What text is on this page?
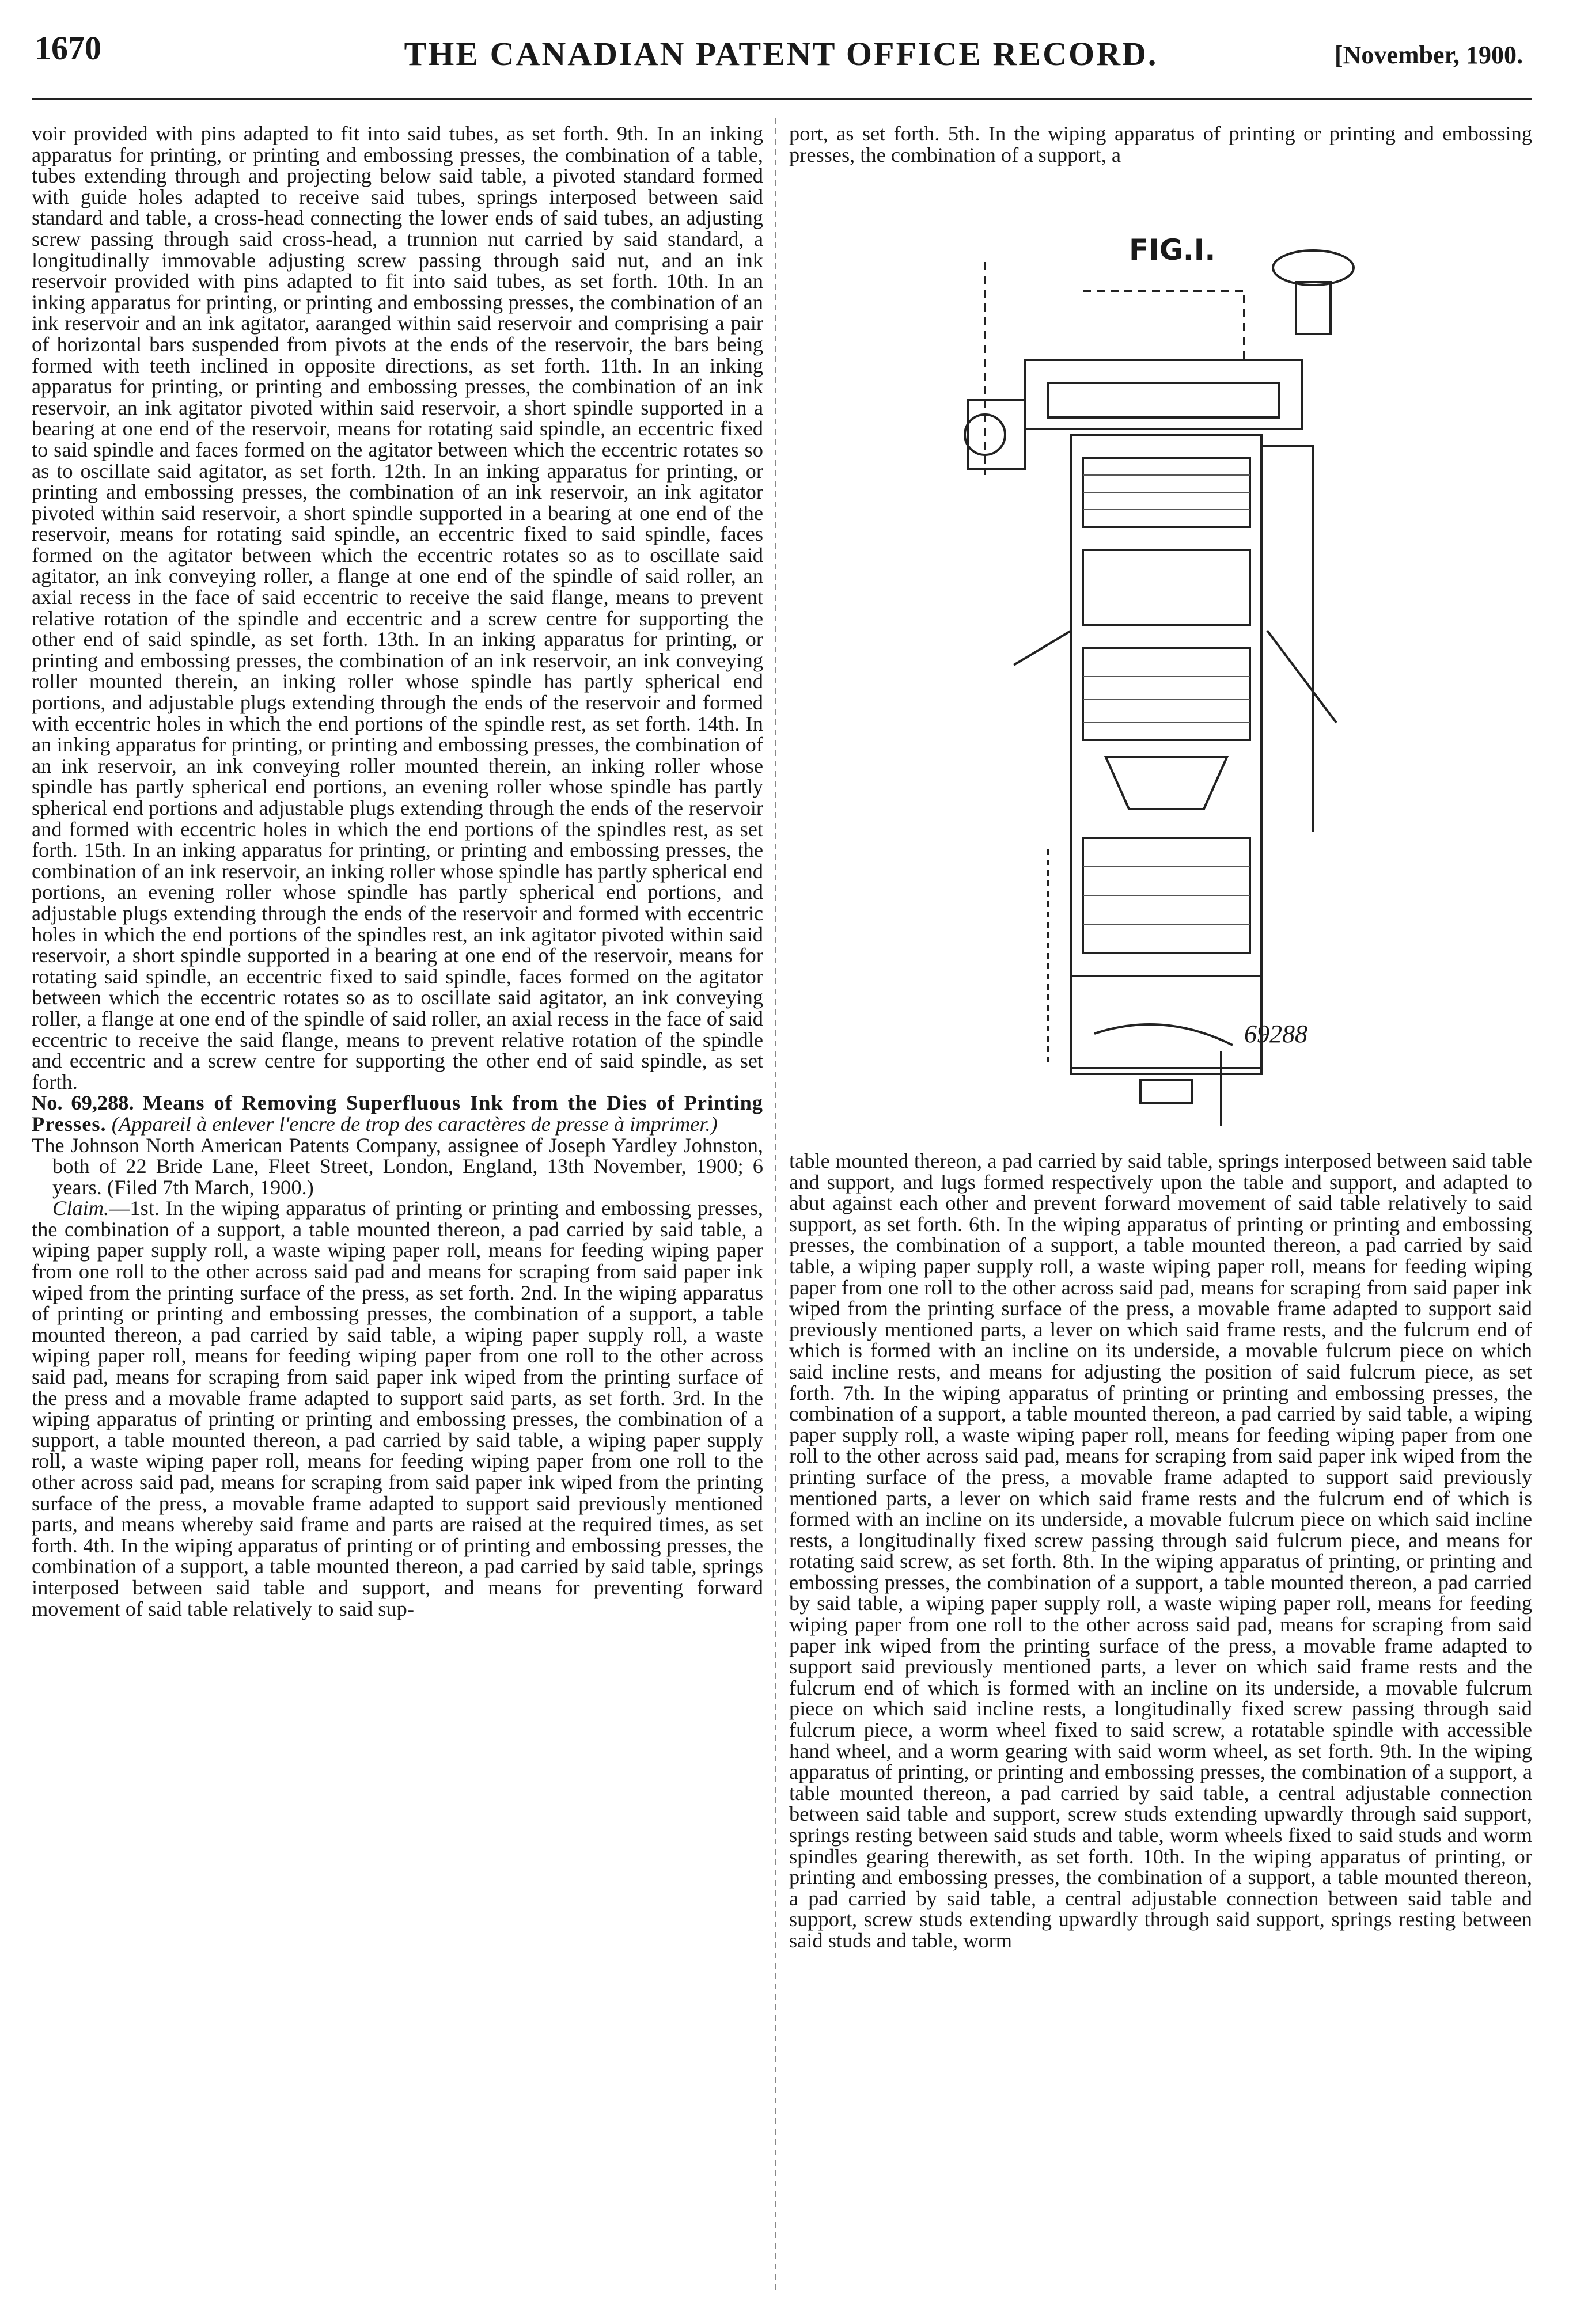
1670	THE CANADIAN PATENT OFFICE RECORD.	[November, 1900.

voir provided with pins adapted to fit into said tubes, as set forth. 9th. In an inking apparatus for printing, or printing and embossing presses, the combination of a table, tubes extending through and projecting below said table, a pivoted standard formed with guide holes adapted to receive said tubes, springs interposed between said standard and table, a cross-head connecting the lower ends of said tubes, an adjusting screw passing through said cross-head, a trunnion nut carried by said standard, a longitudinally immovable adjusting screw passing through said nut, and an ink reservoir provided with pins adapted to fit into said tubes, as set forth. 10th. In an inking apparatus for printing, or printing and embossing presses, the combination of an ink reservoir and an ink agitator, aaranged within said reservoir and comprising a pair of horizontal bars suspended from pivots at the ends of the reservoir, the bars being formed with teeth inclined in opposite directions, as set forth. 11th. In an inking apparatus for printing, or printing and embossing presses, the combination of an ink reservoir, an ink agitator pivoted within said reservoir, a short spindle supported in a bearing at one end of the reservoir, means for rotating said spindle, an eccentric fixed to said spindle and faces formed on the agitator between which the eccentric rotates so as to oscillate said agitator, as set forth. 12th. In an inking apparatus for printing, or printing and embossing presses, the combination of an ink reservoir, an ink agitator pivoted within said reservoir, a short spindle supported in a bearing at one end of the reservoir, means for rotating said spindle, an eccentric fixed to said spindle, faces formed on the agitator between which the eccentric rotates so as to oscillate said agitator, an ink conveying roller, a flange at one end of the spindle of said roller, an axial recess in the face of said eccentric to receive the said flange, means to prevent relative rotation of the spindle and eccentric and a screw centre for supporting the other end of said spindle, as set forth. 13th. In an inking apparatus for printing, or printing and embossing presses, the combination of an ink reservoir, an ink conveying roller mounted therein, an inking roller whose spindle has partly spherical end portions, and adjustable plugs extending through the ends of the reservoir and formed with eccentric holes in which the end portions of the spindle rest, as set forth. 14th. In an inking apparatus for printing, or printing and embossing presses, the combination of an ink reservoir, an ink conveying roller mounted therein, an inking roller whose spindle has partly spherical end portions, an evening roller whose spindle has partly spherical end portions and adjustable plugs extending through the ends of the reservoir and formed with eccentric holes in which the end portions of the spindles rest, as set forth. 15th. In an inking apparatus for printing, or printing and embossing presses, the combination of an ink reservoir, an inking roller whose spindle has partly spherical end portions, an evening roller whose spindle has partly spherical end portions, and adjustable plugs extending through the ends of the reservoir and formed with eccentric holes in which the end portions of the spindles rest, an ink agitator pivoted within said reservoir, a short spindle supported in a bearing at one end of the reservoir, means for rotating said spindle, an eccentric fixed to said spindle, faces formed on the agitator between which the eccentric rotates so as to oscillate said agitator, an ink conveying roller, a flange at one end of the spindle of said roller, an axial recess in the face of said eccentric to receive the said flange, means to prevent relative rotation of the spindle and eccentric and a screw centre for supporting the other end of said spindle, as set forth.

No. 69,288. Means of Removing Superfluous Ink from the Dies of Printing Presses. (Appareil à enlever l'encre de trop des caractères de presse à imprimer.)

The Johnson North American Patents Company, assignee of Joseph Yardley Johnston, both of 22 Bride Lane, Fleet Street, London, England, 13th November, 1900; 6 years. (Filed 7th March, 1900.)

Claim.—1st. In the wiping apparatus of printing or printing and embossing presses, the combination of a support, a table mounted thereon, a pad carried by said table, a wiping paper supply roll, a waste wiping paper roll, means for feeding wiping paper from one roll to the other across said pad and means for scraping from said paper ink wiped from the printing surface of the press, as set forth. 2nd. In the wiping apparatus of printing or printing and embossing presses, the combination of a support, a table mounted thereon, a pad carried by said table, a wiping paper supply roll, a waste wiping paper roll, means for feeding wiping paper from one roll to the other across said pad, means for scraping from said paper ink wiped from the printing surface of the press and a movable frame adapted to support said parts, as set forth. 3rd. In the wiping apparatus of printing or printing and embossing presses, the combination of a support, a table mounted thereon, a pad carried by said table, a wiping paper supply roll, a waste wiping paper roll, means for feeding wiping paper from one roll to the other across said pad, means for scraping from said paper ink wiped from the printing surface of the press, a movable frame adapted to support said previously mentioned parts, and means whereby said frame and parts are raised at the required times, as set forth. 4th. In the wiping apparatus of printing or of printing and embossing presses, the combination of a support, a table mounted thereon, a pad carried by said table, springs interposed between said table and support, and means for preventing forward movement of said table relatively to said sup-

port, as set forth. 5th. In the wiping apparatus of printing or printing and embossing presses, the combination of a support, a

FIG.I.
69288

table mounted thereon, a pad carried by said table, springs interposed between said table and support, and lugs formed respectively upon the table and support, and adapted to abut against each other and prevent forward movement of said table relatively to said support, as set forth. 6th. In the wiping apparatus of printing or printing and embossing presses, the combination of a support, a table mounted thereon, a pad carried by said table, a wiping paper supply roll, a waste wiping paper roll, means for feeding wiping paper from one roll to the other across said pad, means for scraping from said paper ink wiped from the printing surface of the press, a movable frame adapted to support said previously mentioned parts, a lever on which said frame rests, and the fulcrum end of which is formed with an incline on its underside, a movable fulcrum piece on which said incline rests, and means for adjusting the position of said fulcrum piece, as set forth. 7th. In the wiping apparatus of printing or printing and embossing presses, the combination of a support, a table mounted thereon, a pad carried by said table, a wiping paper supply roll, a waste wiping paper roll, means for feeding wiping paper from one roll to the other across said pad, means for scraping from said paper ink wiped from the printing surface of the press, a movable frame adapted to support said previously mentioned parts, a lever on which said frame rests and the fulcrum end of which is formed with an incline on its underside, a movable fulcrum piece on which said incline rests, a longitudinally fixed screw passing through said fulcrum piece, and means for rotating said screw, as set forth. 8th. In the wiping apparatus of printing, or printing and embossing presses, the combination of a support, a table mounted thereon, a pad carried by said table, a wiping paper supply roll, a waste wiping paper roll, means for feeding wiping paper from one roll to the other across said pad, means for scraping from said paper ink wiped from the printing surface of the press, a movable frame adapted to support said previously mentioned parts, a lever on which said frame rests and the fulcrum end of which is formed with an incline on its underside, a movable fulcrum piece on which said incline rests, a longitudinally fixed screw passing through said fulcrum piece, a worm wheel fixed to said screw, a rotatable spindle with accessible hand wheel, and a worm gearing with said worm wheel, as set forth. 9th. In the wiping apparatus of printing, or printing and embossing presses, the combination of a support, a table mounted thereon, a pad carried by said table, a central adjustable connection between said table and support, screw studs extending upwardly through said support, springs resting between said studs and table, worm wheels fixed to said studs and worm spindles gearing therewith, as set forth. 10th. In the wiping apparatus of printing, or printing and embossing presses, the combination of a support, a table mounted thereon, a pad carried by said table, a central adjustable connection between said table and support, screw studs extending upwardly through said support, springs resting between said studs and table, worm
